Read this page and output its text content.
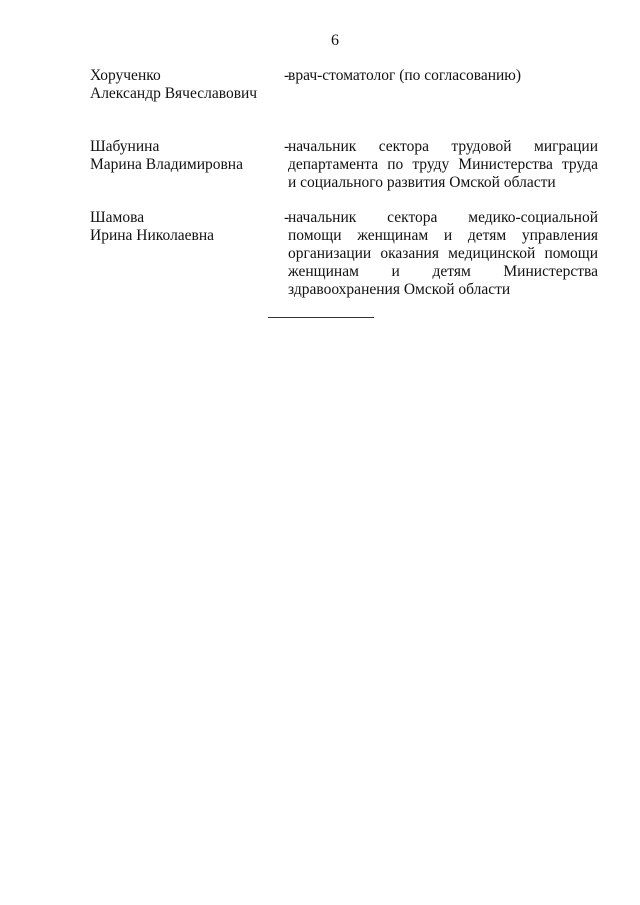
6
Хорученко
Александр Вячеславович
-
врач-стоматолог (по согласованию)
Шабунина
Марина Владимировна
-
начальник сектора трудовой миграции
департамента по труду Министерства труда
и социального развития Омской области
Шамова
Ирина Николаевна
-
начальник сектора медико-социальной
помощи женщинам и детям управления
организации оказания медицинской помощи
женщинам и детям Министерства
здравоохранения Омской области
